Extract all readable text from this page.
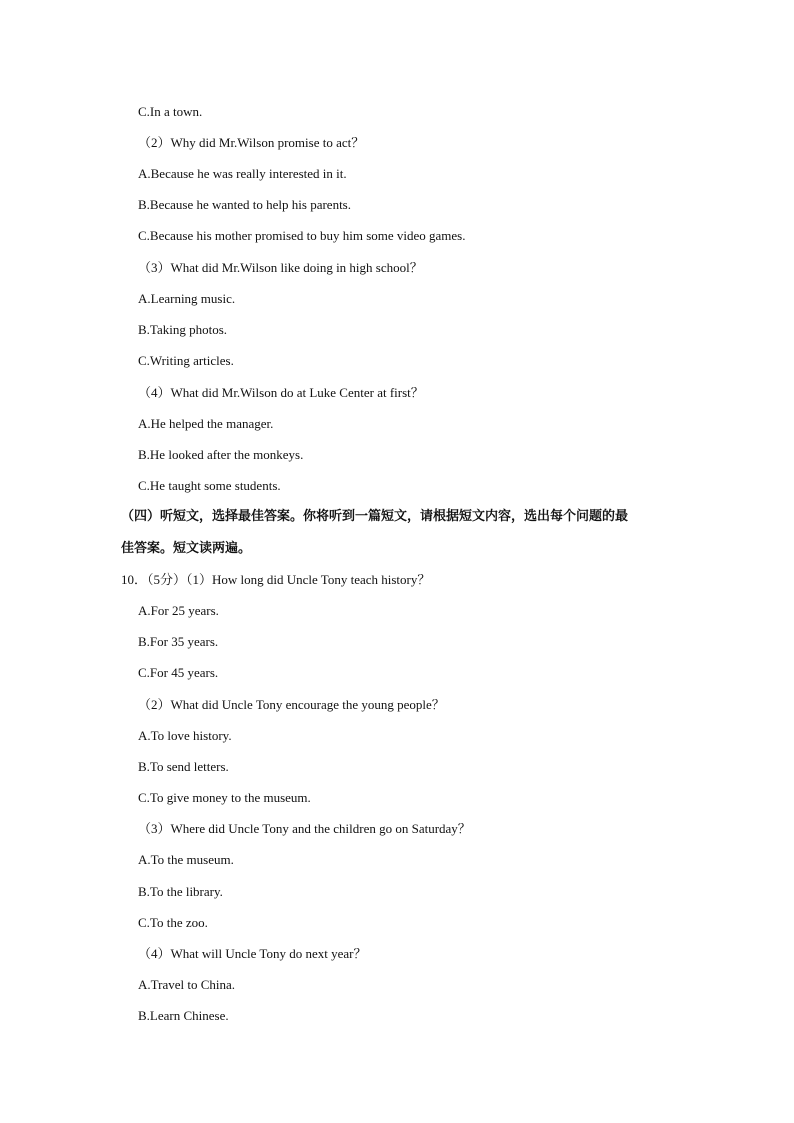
C.In a town.
（2）Why did Mr.Wilson promise to act？
A.Because he was really interested in it.
B.Because he wanted to help his parents.
C.Because his mother promised to buy him some video games.
（3）What did Mr.Wilson like doing in high school？
A.Learning music.
B.Taking photos.
C.Writing articles.
（4）What did Mr.Wilson do at Luke Center at first？
A.He helped the manager.
B.He looked after the monkeys.
C.He taught some students.
（四）听短文，选择最佳答案。你将听到一篇短文，请根据短文内容，选出每个问题的最
佳答案。短文读两遍。
10．（5分）（1）How long did Uncle Tony teach history？
A.For 25 years.
B.For 35 years.
C.For 45 years.
（2）What did Uncle Tony encourage the young people？
A.To love history.
B.To send letters.
C.To give money to the museum.
（3）Where did Uncle Tony and the children go on Saturday？
A.To the museum.
B.To the library.
C.To the zoo.
（4）What will Uncle Tony do next year？
A.Travel to China.
B.Learn Chinese.
